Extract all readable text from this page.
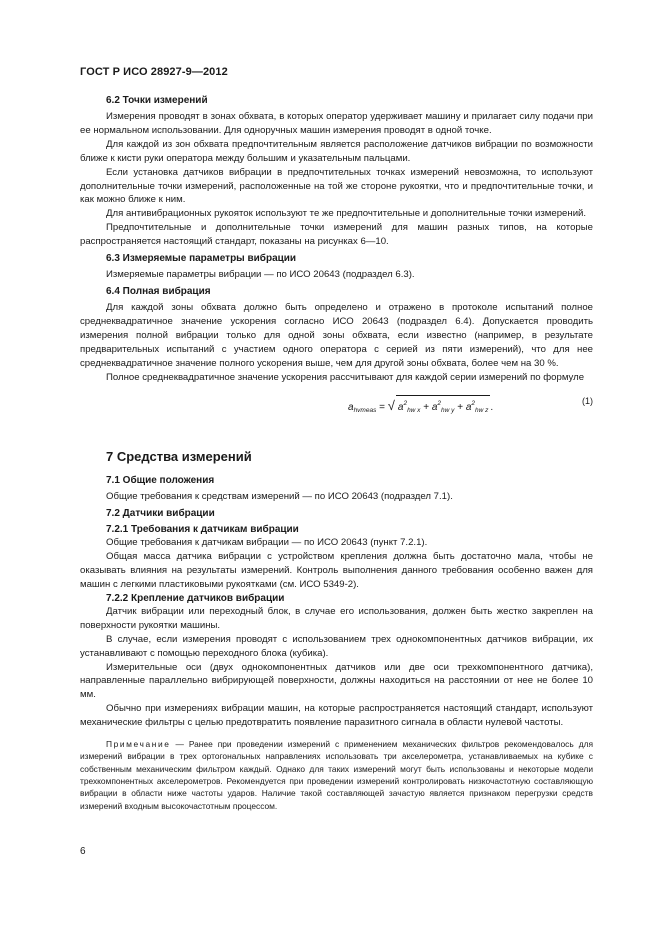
ГОСТ Р ИСО 28927-9—2012
6.2 Точки измерений

Измерения проводят в зонах обхвата, в которых оператор удерживает машину и прилагает силу подачи при ее нормальном использовании. Для одноручных машин измерения проводят в одной точке.

Для каждой из зон обхвата предпочтительным является расположение датчиков вибрации по возможности ближе к кисти руки оператора между большим и указательным пальцами.

Если установка датчиков вибрации в предпочтительных точках измерений невозможна, то используют дополнительные точки измерений, расположенные на той же стороне рукоятки, что и предпочтительные точки, и как можно ближе к ним.

Для антивибрационных рукояток используют те же предпочтительные и дополнительные точки измерений.

Предпочтительные и дополнительные точки измерений для машин разных типов, на которые распространяется настоящий стандарт, показаны на рисунках 6—10.

6.3 Измеряемые параметры вибрации

Измеряемые параметры вибрации — по ИСО 20643 (подраздел 6.3).

6.4 Полная вибрация

Для каждой зоны обхвата должно быть определено и отражено в протоколе испытаний полное среднеквадратичное значение ускорения согласно ИСО 20643 (подраздел 6.4). Допускается проводить измерения полной вибрации только для одной зоны обхвата, если известно (например, в результате предварительных испытаний с участием одного оператора с серией из пяти измерений), что для нее среднеквадратичное значение полного ускорения выше, чем для другой зоны обхвата, более чем на 30 %.

Полное среднеквадратичное значение ускорения рассчитывают для каждой серии измерений по формуле

$a_{hvmeas}$ = √ $a^2_{hw x} + a^2_{hw y} + a^2_{hw z}$ .
(1)
7 Средства измерений
7.1 Общие положения

Общие требования к средствам измерений — по ИСО 20643 (подраздел 7.1).

7.2 Датчики вибрации
7.2.1 Требования к датчикам вибрации

Общие требования к датчикам вибрации — по ИСО 20643 (пункт 7.2.1).

Общая масса датчика вибрации с устройством крепления должна быть достаточно мала, чтобы не оказывать влияния на результаты измерений. Контроль выполнения данного требования особенно важен для машин с легкими пластиковыми рукоятками (см. ИСО 5349-2).

7.2.2 Крепление датчиков вибрации

Датчик вибрации или переходный блок, в случае его использования, должен быть жестко закреплен на поверхности рукоятки машины.

В случае, если измерения проводят с использованием трех однокомпонентных датчиков вибрации, их устанавливают с помощью переходного блока (кубика).

Измерительные оси (двух однокомпонентных датчиков или две оси трехкомпонентного датчика), направленные параллельно вибрирующей поверхности, должны находиться на расстоянии от нее не более 10 мм.

Обычно при измерениях вибрации машин, на которые распространяется настоящий стандарт, используют механические фильтры с целью предотвратить появление паразитного сигнала в области нулевой частоты.

Примечание — Ранее при проведении измерений с применением механических фильтров рекомендовалось для измерений вибрации в трех ортогональных направлениях использовать три акселерометра, устанавливаемых на кубике с собственным механическим фильтром каждый. Однако для таких измерений могут быть использованы и некоторые модели трехкомпонентных акселерометров. Рекомендуется при проведении измерений контролировать низкочастотную составляющую вибрации в области ниже частоты ударов. Наличие такой составляющей зачастую является признаком перегрузки средств измерений входным высокочастотным процессом.
6
